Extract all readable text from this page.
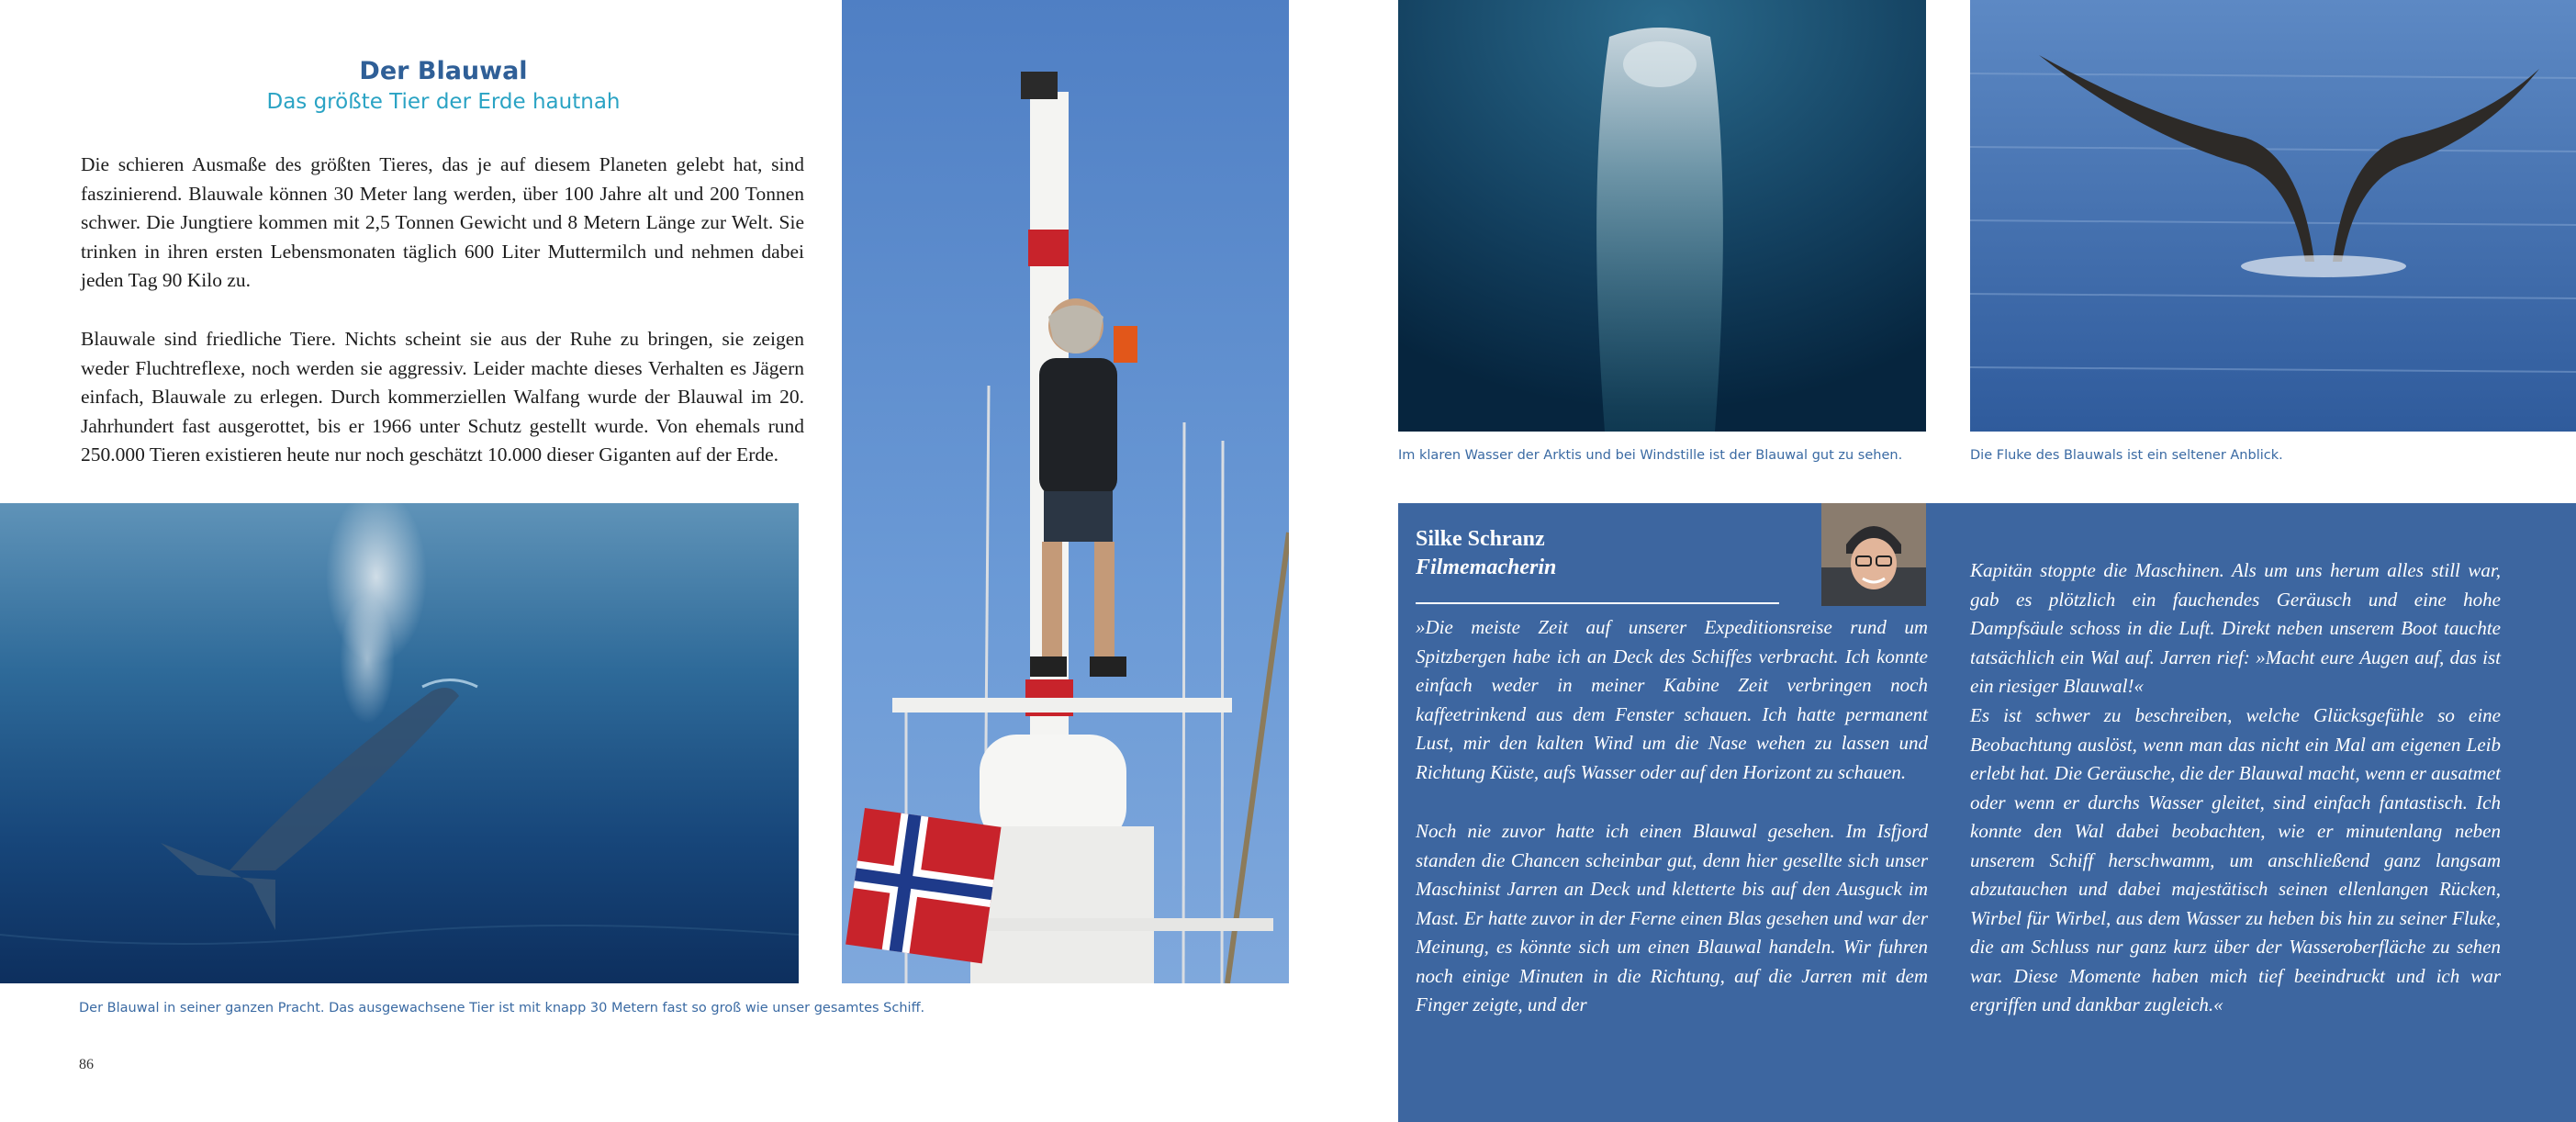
Der Blauwal
Das größte Tier der Erde hautnah
Die schieren Ausmaße des größten Tieres, das je auf diesem Planeten gelebt hat, sind faszinierend. Blauwale können 30 Meter lang werden, über 100 Jahre alt und 200 Tonnen schwer. Die Jungtiere kommen mit 2,5 Tonnen Gewicht und 8 Metern Länge zur Welt. Sie trinken in ihren ersten Lebensmonaten täglich 600 Liter Muttermilch und nehmen dabei jeden Tag 90 Kilo zu.
Blauwale sind friedliche Tiere. Nichts scheint sie aus der Ruhe zu bringen, sie zeigen weder Fluchtreflexe, noch werden sie aggressiv. Leider machte dieses Verhalten es Jägern einfach, Blauwale zu erlegen. Durch kommerziellen Walfang wurde der Blauwal im 20. Jahrhundert fast ausgerottet, bis er 1966 unter Schutz gestellt wurde. Von ehemals rund 250.000 Tieren existieren heute nur noch geschätzt 10.000 dieser Giganten auf der Erde.
Der Blauwal in seiner ganzen Pracht. Das ausgewachsene Tier ist mit knapp 30 Metern fast so groß wie unser gesamtes Schiff.
86
Im klaren Wasser der Arktis und bei Windstille ist der Blauwal gut zu sehen.	Die Fluke des Blauwals ist ein seltener Anblick.
Silke Schranz
Filmemacherin
»Die meiste Zeit auf unserer Expeditionsreise rund um Spitzbergen habe ich an Deck des Schiffes verbracht. Ich konnte einfach weder in meiner Kabine Zeit verbringen noch kaffeetrinkend aus dem Fenster schauen. Ich hatte permanent Lust, mir den kalten Wind um die Nase wehen zu lassen und Richtung Küste, aufs Wasser oder auf den Horizont zu schauen.
Noch nie zuvor hatte ich einen Blauwal gesehen. Im Isfjord standen die Chancen scheinbar gut, denn hier gesellte sich unser Maschinist Jarren an Deck und kletterte bis auf den Ausguck im Mast. Er hatte zuvor in der Ferne einen Blas gesehen und war der Meinung, es könnte sich um einen Blauwal handeln. Wir fuhren noch einige Minuten in die Richtung, auf die Jarren mit dem Finger zeigte, und der
Kapitän stoppte die Maschinen. Als um uns herum alles still war, gab es plötzlich ein fauchendes Geräusch und eine hohe Dampfsäule schoss in die Luft. Direkt neben unserem Boot tauchte tatsächlich ein Wal auf. Jarren rief: »Macht eure Augen auf, das ist ein riesiger Blauwal!«
Es ist schwer zu beschreiben, welche Glücksgefühle so eine Beobachtung auslöst, wenn man das nicht ein Mal am eigenen Leib erlebt hat. Die Geräusche, die der Blauwal macht, wenn er ausatmet oder wenn er durchs Wasser gleitet, sind einfach fantastisch. Ich konnte den Wal dabei beobachten, wie er minutenlang neben unserem Schiff herschwamm, um anschließend ganz langsam abzutauchen und dabei majestätisch seinen ellenlangen Rücken, Wirbel für Wirbel, aus dem Wasser zu heben bis hin zu seiner Fluke, die am Schluss nur ganz kurz über der Wasseroberfläche zu sehen war. Diese Momente haben mich tief beeindruckt und ich war ergriffen und dankbar zugleich.«
